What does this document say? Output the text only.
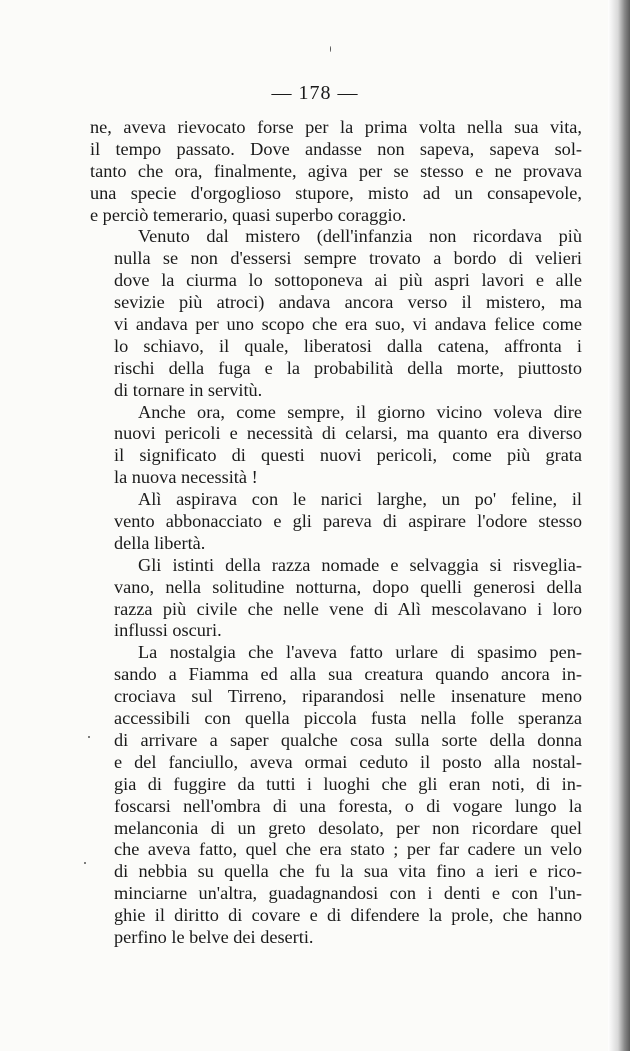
— 178 —
ne, aveva rievocato forse per la prima volta nella sua vita,
il tempo passato. Dove andasse non sapeva, sapeva sol-
tanto che ora, finalmente, agiva per se stesso e ne provava
una specie d'orgoglioso stupore, misto ad un consapevole,
e perciò temerario, quasi superbo coraggio.
Venuto dal mistero (dell'infanzia non ricordava più
nulla se non d'essersi sempre trovato a bordo di velieri
dove la ciurma lo sottoponeva ai più aspri lavori e alle
sevizie più atroci) andava ancora verso il mistero, ma
vi andava per uno scopo che era suo, vi andava felice come
lo schiavo, il quale, liberatosi dalla catena, affronta i
rischi della fuga e la probabilità della morte, piuttosto
di tornare in servitù.
Anche ora, come sempre, il giorno vicino voleva dire
nuovi pericoli e necessità di celarsi, ma quanto era diverso
il significato di questi nuovi pericoli, come più grata
la nuova necessità !
Alì aspirava con le narici larghe, un po' feline, il
vento abbonacciato e gli pareva di aspirare l'odore stesso
della libertà.
Gli istinti della razza nomade e selvaggia si risveglia-
vano, nella solitudine notturna, dopo quelli generosi della
razza più civile che nelle vene di Alì mescolavano i loro
influssi oscuri.
La nostalgia che l'aveva fatto urlare di spasimo pen-
sando a Fiamma ed alla sua creatura quando ancora in-
crociava sul Tirreno, riparandosi nelle insenature meno
accessibili con quella piccola fusta nella folle speranza
di arrivare a saper qualche cosa sulla sorte della donna
e del fanciullo, aveva ormai ceduto il posto alla nostal-
gia di fuggire da tutti i luoghi che gli eran noti, di in-
foscarsi nell'ombra di una foresta, o di vogare lungo la
melanconia di un greto desolato, per non ricordare quel
che aveva fatto, quel che era stato ; per far cadere un velo
di nebbia su quella che fu la sua vita fino a ieri e rico-
minciarne un'altra, guadagnandosi con i denti e con l'un-
ghie il diritto di covare e di difendere la prole, che hanno
perfino le belve dei deserti.
